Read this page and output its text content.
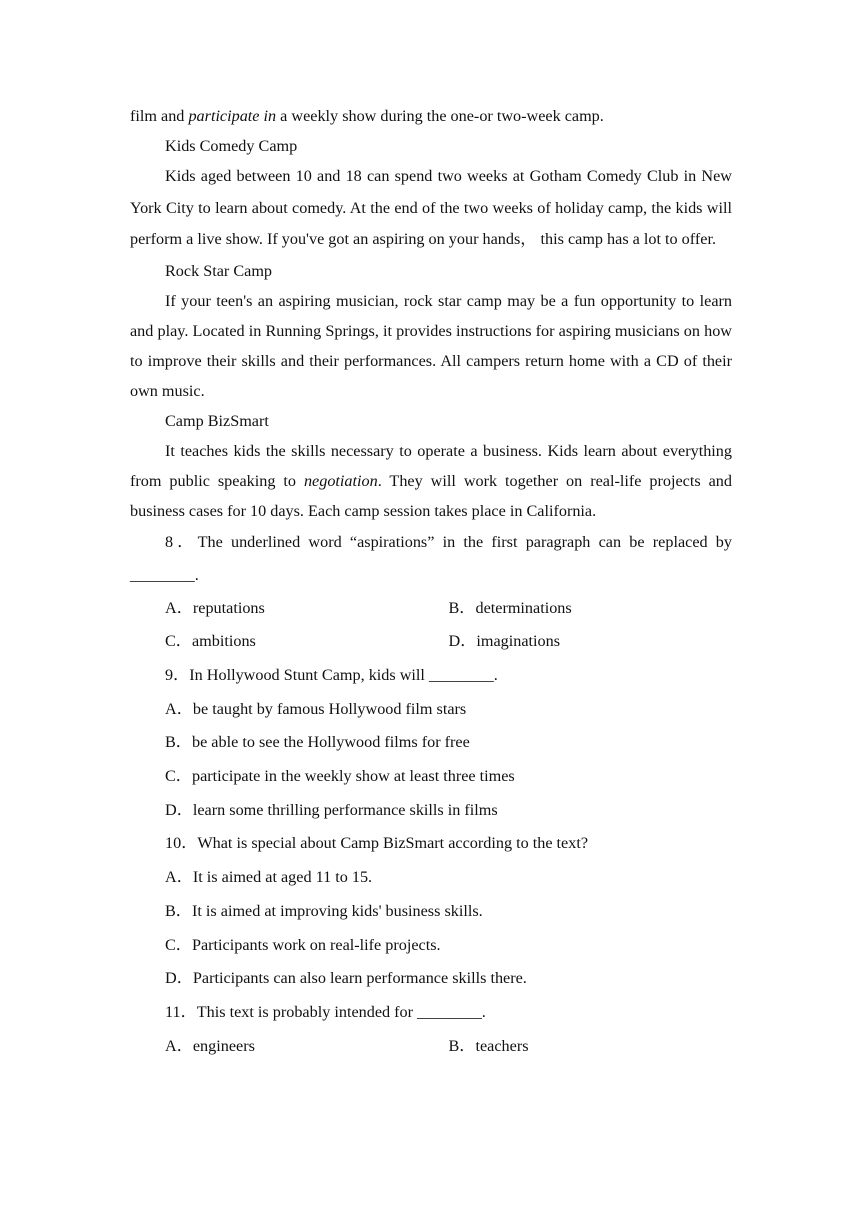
film and participate in a weekly show during the one-or two-week camp.

Kids Comedy Camp

Kids aged between 10 and 18 can spend two weeks at Gotham Comedy Club in New York City to learn about comedy. At the end of the two weeks of holiday camp, the kids will perform a live show. If you've got an aspiring on your hands， this camp has a lot to offer.

Rock Star Camp

If your teen's an aspiring musician, rock star camp may be a fun opportunity to learn and play. Located in Running Springs, it provides instructions for aspiring musicians on how to improve their skills and their performances. All campers return home with a CD of their own music.

Camp BizSmart

It teaches kids the skills necessary to operate a business. Kids learn about everything from public speaking to negotiation. They will work together on real-life projects and business cases for 10 days. Each camp session takes place in California.

8．The underlined word “aspirations” in the first paragraph can be replaced by ________.

A．reputations	B．determinations
C．ambitions	D．imaginations

9．In Hollywood Stunt Camp, kids will ________.

A．be taught by famous Hollywood film stars

B．be able to see the Hollywood films for free

C．participate in the weekly show at least three times

D．learn some thrilling performance skills in films

10．What is special about Camp BizSmart according to the text?

A．It is aimed at aged 11 to 15.

B．It is aimed at improving kids' business skills.

C．Participants work on real-life projects.

D．Participants can also learn performance skills there.

11．This text is probably intended for ________.

A．engineers	B．teachers
